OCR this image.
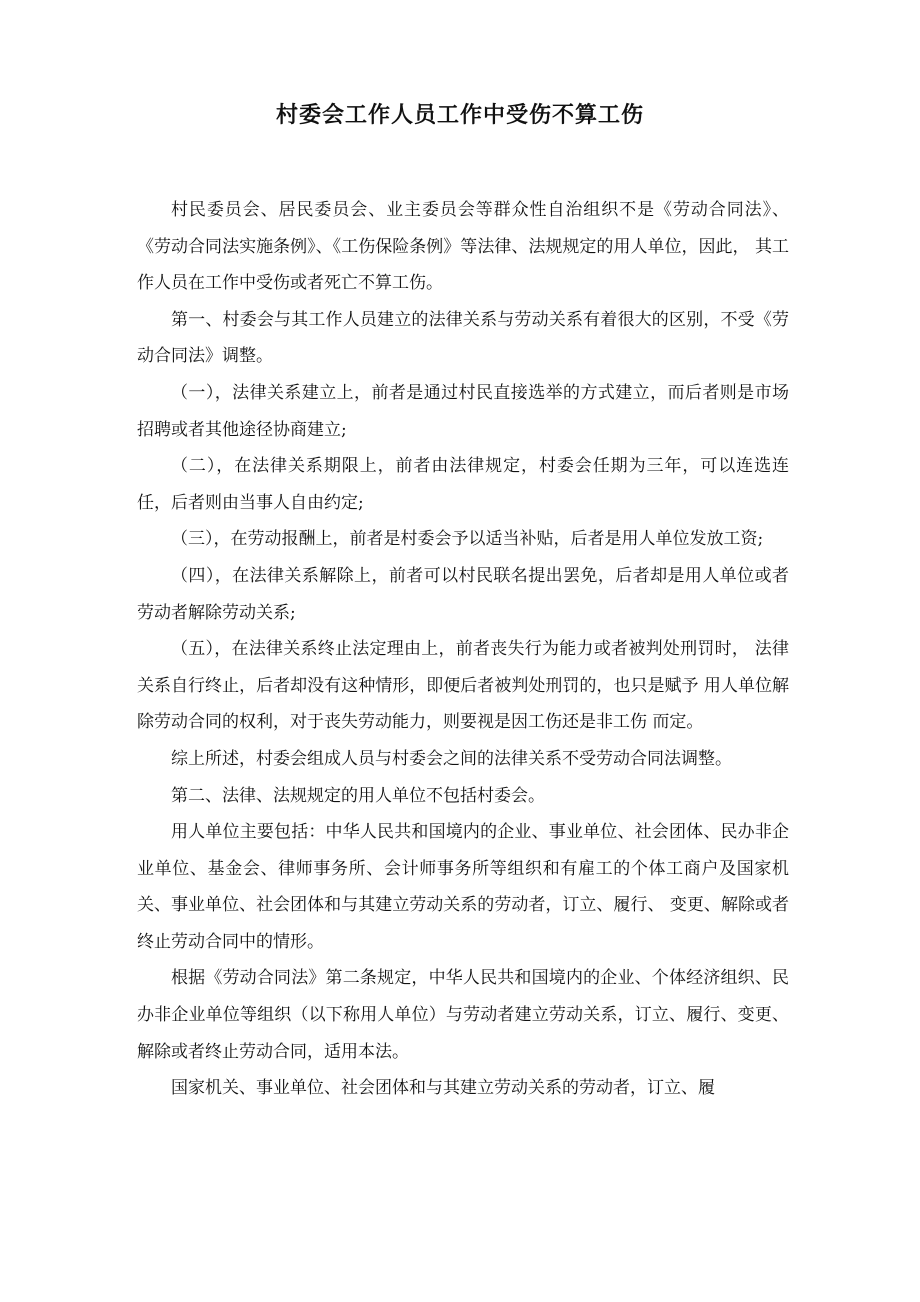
村委会工作人员工作中受伤不算工伤

村民委员会、居民委员会、业主委员会等群众性自治组织不是《劳动合同法》、 《劳动合同法实施条例》、《工伤保险条例》等法律、法规规定的用人单位，因此， 其工作人员在工作中受伤或者死亡不算工伤。

第一、村委会与其工作人员建立的法律关系与劳动关系有着很大的区别，不受《劳动合同法》调整。

（一），法律关系建立上，前者是通过村民直接选举的方式建立，而后者则是市场招聘或者其他途径协商建立;

（二），在法律关系期限上，前者由法律规定，村委会任期为三年，可以连选连任，后者则由当事人自由约定;

（三），在劳动报酬上，前者是村委会予以适当补贴，后者是用人单位发放工资;

（四），在法律关系解除上，前者可以村民联名提出罢免，后者却是用人单位或者劳动者解除劳动关系;

（五），在法律关系终止法定理由上，前者丧失行为能力或者被判处刑罚时， 法律关系自行终止，后者却没有这种情形，即便后者被判处刑罚的，也只是赋予 用人单位解除劳动合同的权利，对于丧失劳动能力，则要视是因工伤还是非工伤 而定。

综上所述，村委会组成人员与村委会之间的法律关系不受劳动合同法调整。

第二、法律、法规规定的用人单位不包括村委会。

用人单位主要包括：中华人民共和国境内的企业、事业单位、社会团体、民办非企业单位、基金会、律师事务所、会计师事务所等组织和有雇工的个体工商户及国家机关、事业单位、社会团体和与其建立劳动关系的劳动者，订立、履行、 变更、解除或者终止劳动合同中的情形。

根据《劳动合同法》第二条规定，中华人民共和国境内的企业、个体经济组织、民办非企业单位等组织（以下称用人单位）与劳动者建立劳动关系，订立、履行、变更、解除或者终止劳动合同，适用本法。

国家机关、事业单位、社会团体和与其建立劳动关系的劳动者，订立、履
